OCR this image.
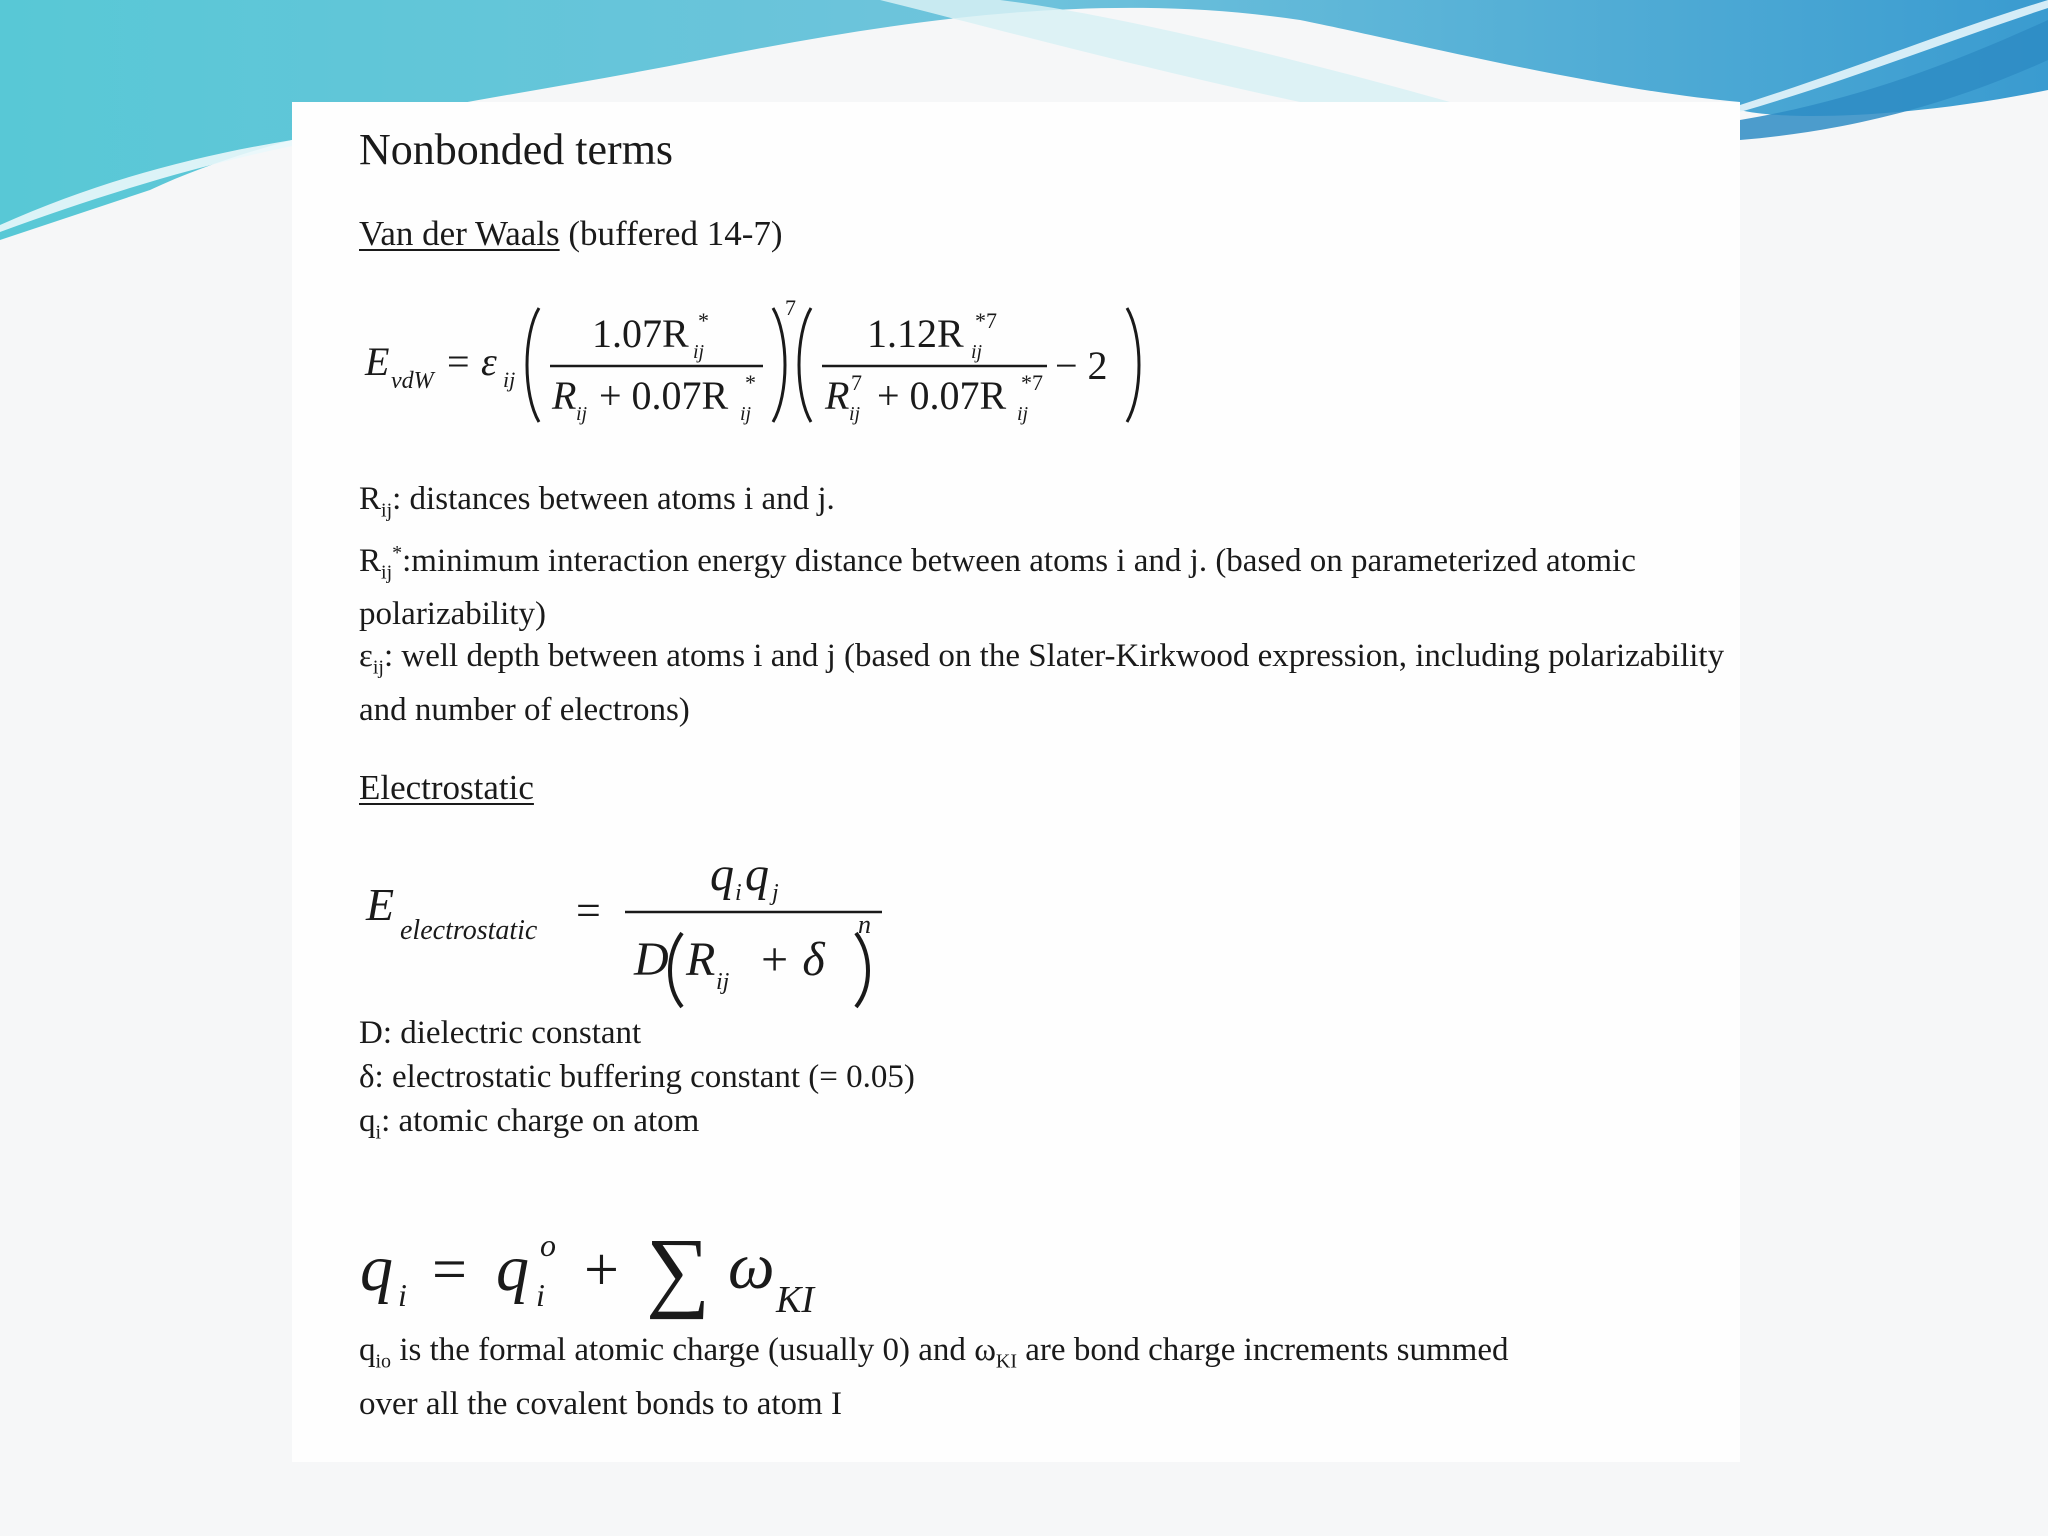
Nonbonded terms
Van der Waals (buffered 14-7)
E vdW = ε ij
1.07R *
ij
R ij + 0.07R *
ij
7
1.12R *7
ij
R 7
ij + 0.07R *7
ij
− 2
$R_{ij}$: distances between atoms i and j.
$R_{ij}^*:minimum$ interaction energy distance between atoms i and j. (based on parameterized atomic polarizability)
$\varepsilon_{ij}$: well depth between atoms i and j (based on the Slater-Kirkwood expression, including polarizability and number of electrons)
Electrostatic
E
electrostatic =
q i q j
D R ij + δ
n
D: dielectric constant
δ: electrostatic buffering constant (= 0.05)
$q_i$: atomic charge on atom
q i = q o
i + ∑ ω KI
$q_{io}$ is the formal atomic charge (usually 0) and $\omega_{KI}$ are bond charge increments summed
over all the covalent bonds to atom I
